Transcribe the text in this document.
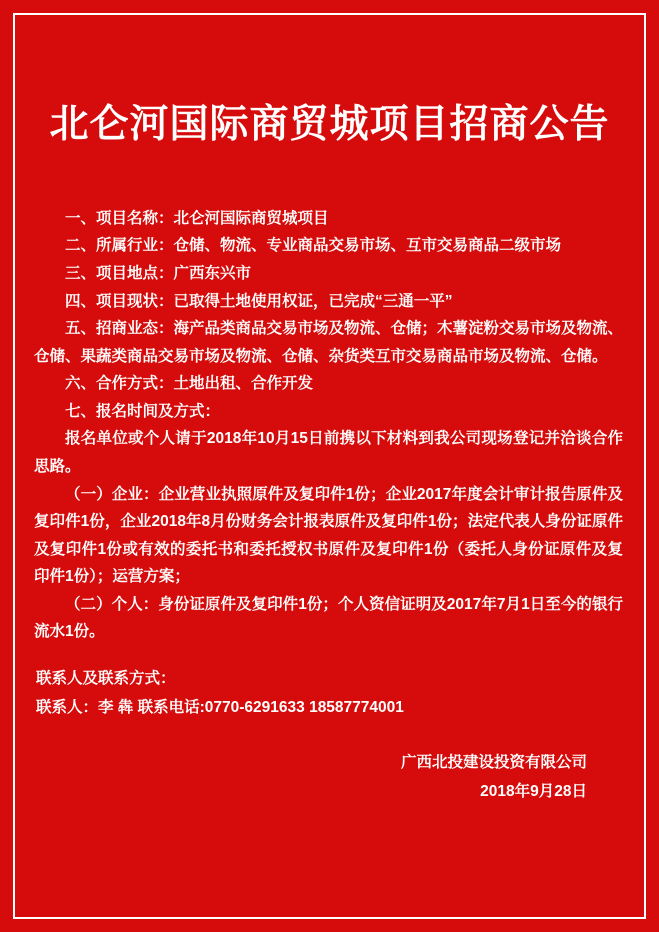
北仑河国际商贸城项目招商公告

一、项目名称：北仑河国际商贸城项目

二、所属行业：仓储、物流、专业商品交易市场、互市交易商品二级市场

三、项目地点：广西东兴市

四、项目现状：已取得土地使用权证，已完成“三通一平”

五、招商业态：海产品类商品交易市场及物流、仓储；木薯淀粉交易市场及物流、仓储、果蔬类商品交易市场及物流、仓储、杂货类互市交易商品市场及物流、仓储。

六、合作方式：土地出租、合作开发

七、报名时间及方式：

报名单位或个人请于2018年10月15日前携以下材料到我公司现场登记并洽谈合作思路。

（一）企业：企业营业执照原件及复印件1份；企业2017年度会计审计报告原件及复印件1份，企业2018年8月份财务会计报表原件及复印件1份；法定代表人身份证原件及复印件1份或有效的委托书和委托授权书原件及复印件1份（委托人身份证原件及复印件1份）；运营方案；

（二）个人：身份证原件及复印件1份；个人资信证明及2017年7月1日至今的银行流水1份。

联系人及联系方式：

联系人：李 犇 联系电话:0770-6291633 18587774001

广西北投建设投资有限公司

2018年9月28日
